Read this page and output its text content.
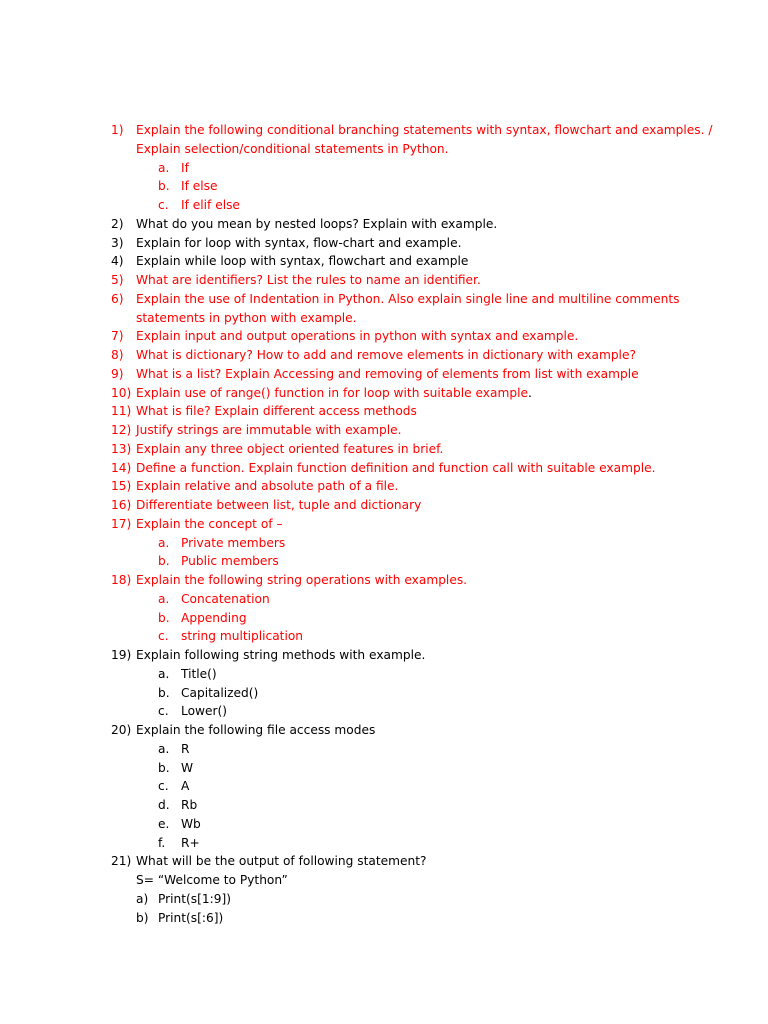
1) Explain the following conditional branching statements with syntax, flowchart and examples. /
Explain selection/conditional statements in Python.
a. If
b. If else
c. If elif else
2) What do you mean by nested loops? Explain with example.
3) Explain for loop with syntax, flow-chart and example.
4) Explain while loop with syntax, flowchart and example
5) What are identifiers? List the rules to name an identifier.
6) Explain the use of Indentation in Python. Also explain single line and multiline comments
statements in python with example.
7) Explain input and output operations in python with syntax and example.
8) What is dictionary? How to add and remove elements in dictionary with example?
9) What is a list? Explain Accessing and removing of elements from list with example
10) Explain use of range() function in for loop with suitable example.
11) What is file? Explain different access methods
12) Justify strings are immutable with example.
13) Explain any three object oriented features in brief.
14) Define a function. Explain function definition and function call with suitable example.
15) Explain relative and absolute path of a file.
16) Differentiate between list, tuple and dictionary
17) Explain the concept of –
a. Private members
b. Public members
18) Explain the following string operations with examples.
a. Concatenation
b. Appending
c. string multiplication
19) Explain following string methods with example.
a. Title()
b. Capitalized()
c. Lower()
20) Explain the following file access modes
a. R
b. W
c. A
d. Rb
e. Wb
f. R+
21) What will be the output of following statement?
S= “Welcome to Python”
a) Print(s[1:9])
b) Print(s[:6])
